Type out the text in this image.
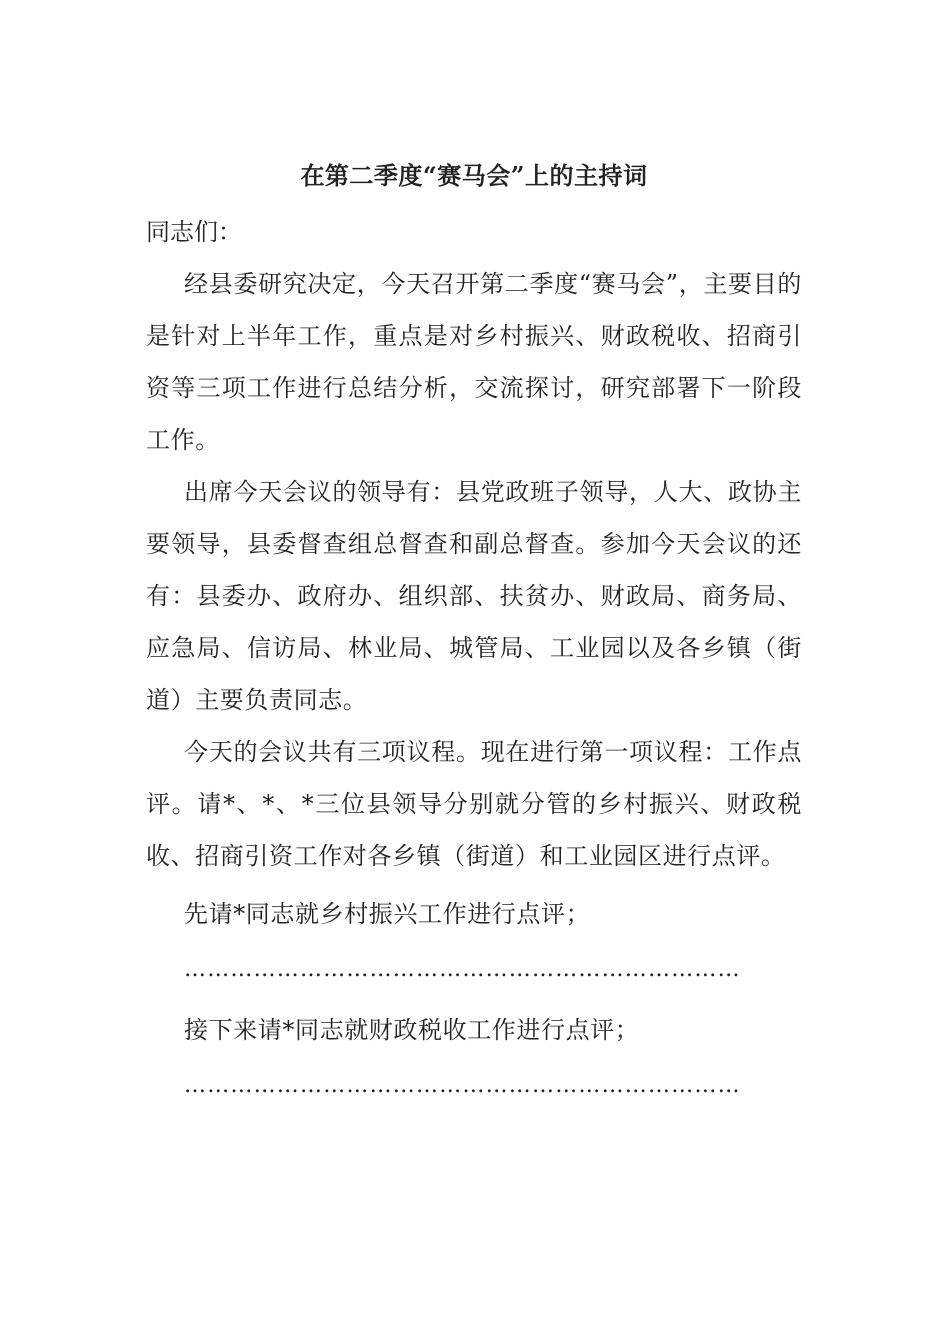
在第二季度“赛马会”上的主持词

同志们：

经县委研究决定，今天召开第二季度“赛马会”，主要目的是针对上半年工作，重点是对乡村振兴、财政税收、招商引资等三项工作进行总结分析，交流探讨，研究部署下一阶段工作。

出席今天会议的领导有：县党政班子领导，人大、政协主要领导，县委督查组总督查和副总督查。参加今天会议的还有：县委办、政府办、组织部、扶贫办、财政局、商务局、应急局、信访局、林业局、城管局、工业园以及各乡镇（街道）主要负责同志。

今天的会议共有三项议程。现在进行第一项议程：工作点评。请*、*、*三位县领导分别就分管的乡村振兴、财政税收、招商引资工作对各乡镇（街道）和工业园区进行点评。

先请*同志就乡村振兴工作进行点评；

………………………………………………………………

接下来请*同志就财政税收工作进行点评；

………………………………………………………………
